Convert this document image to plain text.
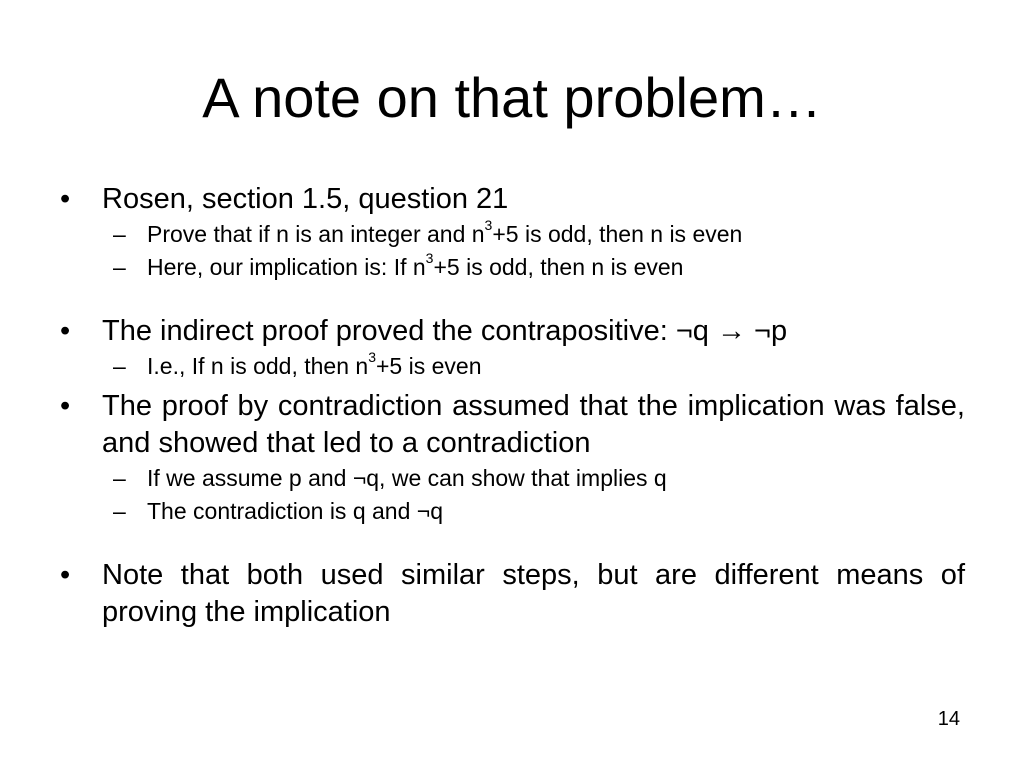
A note on that problem…
•	Rosen, section 1.5, question 21
– Prove that if n is an integer and $n^3+5$ is odd, then n is even
– Here, our implication is: If $n^3+5$ is odd, then n is even
•	The indirect proof proved the contrapositive: ¬q → ¬p
– I.e., If n is odd, then $n^3+5$ is even
•	The proof by contradiction assumed that the implication was false, and showed that led to a contradiction
– If we assume p and ¬q, we can show that implies q
– The contradiction is q and ¬q
•	Note that both used similar steps, but are different means of proving the implication
14
